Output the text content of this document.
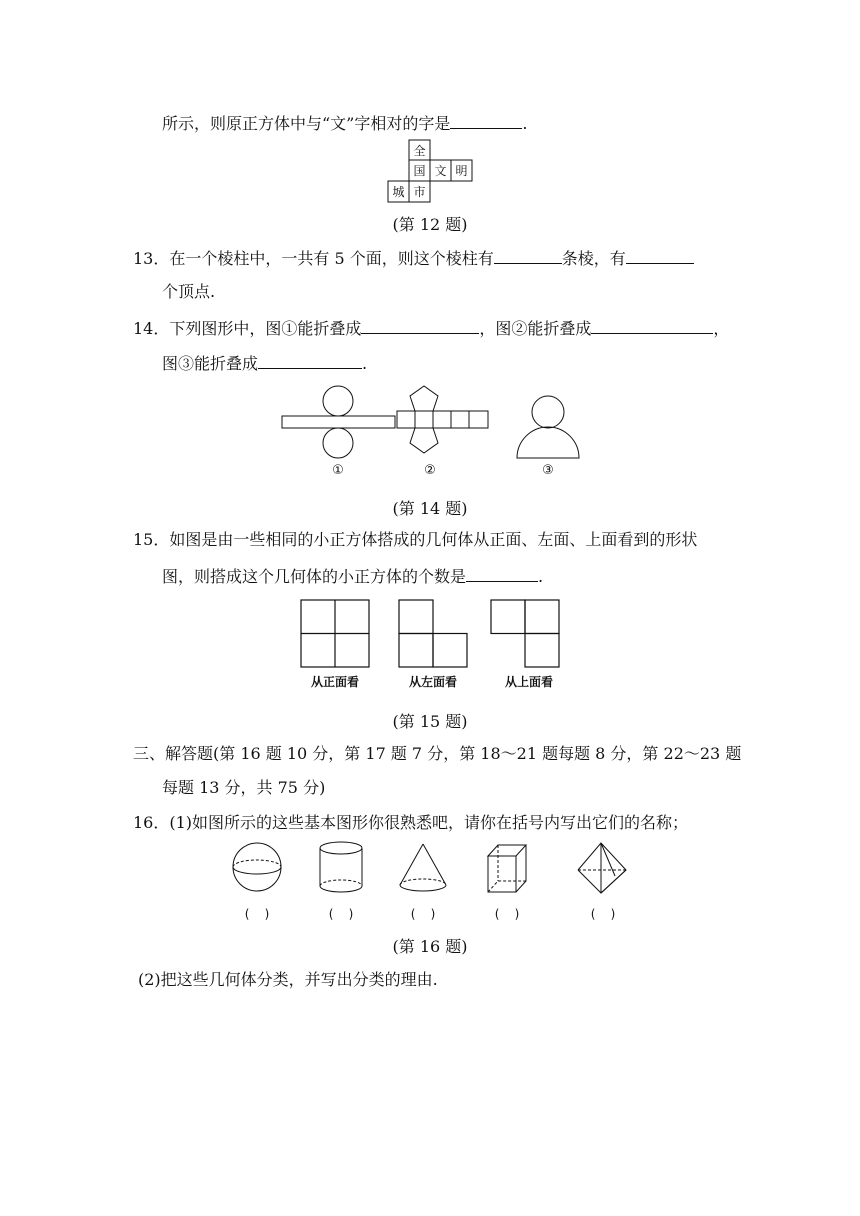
所示，则原正方体中与“文”字相对的字是	.
全
国 文 明
城 市
(第 12 题)
13．在一个棱柱中，一共有 5 个面，则这个棱柱有	条棱，有
个顶点.
14．下列图形中，图①能折叠成	，图②能折叠成	，
图③能折叠成	.
①	②	③
(第 14 题)
15．如图是由一些相同的小正方体搭成的几何体从正面、左面、上面看到的形状
图，则搭成这个几何体的小正方体的个数是	.
从正面看	从左面看	从上面看
(第 15 题)
三、解答题(第 16 题 10 分，第 17 题 7 分，第 18～21 题每题 8 分，第 22～23 题
每题 13 分，共 75 分)
16．(1)如图所示的这些基本图形你很熟悉吧，请你在括号内写出它们的名称；
(    )	(    )	(    )	(    )	(    )
(第 16 题)
(2)把这些几何体分类，并写出分类的理由.
